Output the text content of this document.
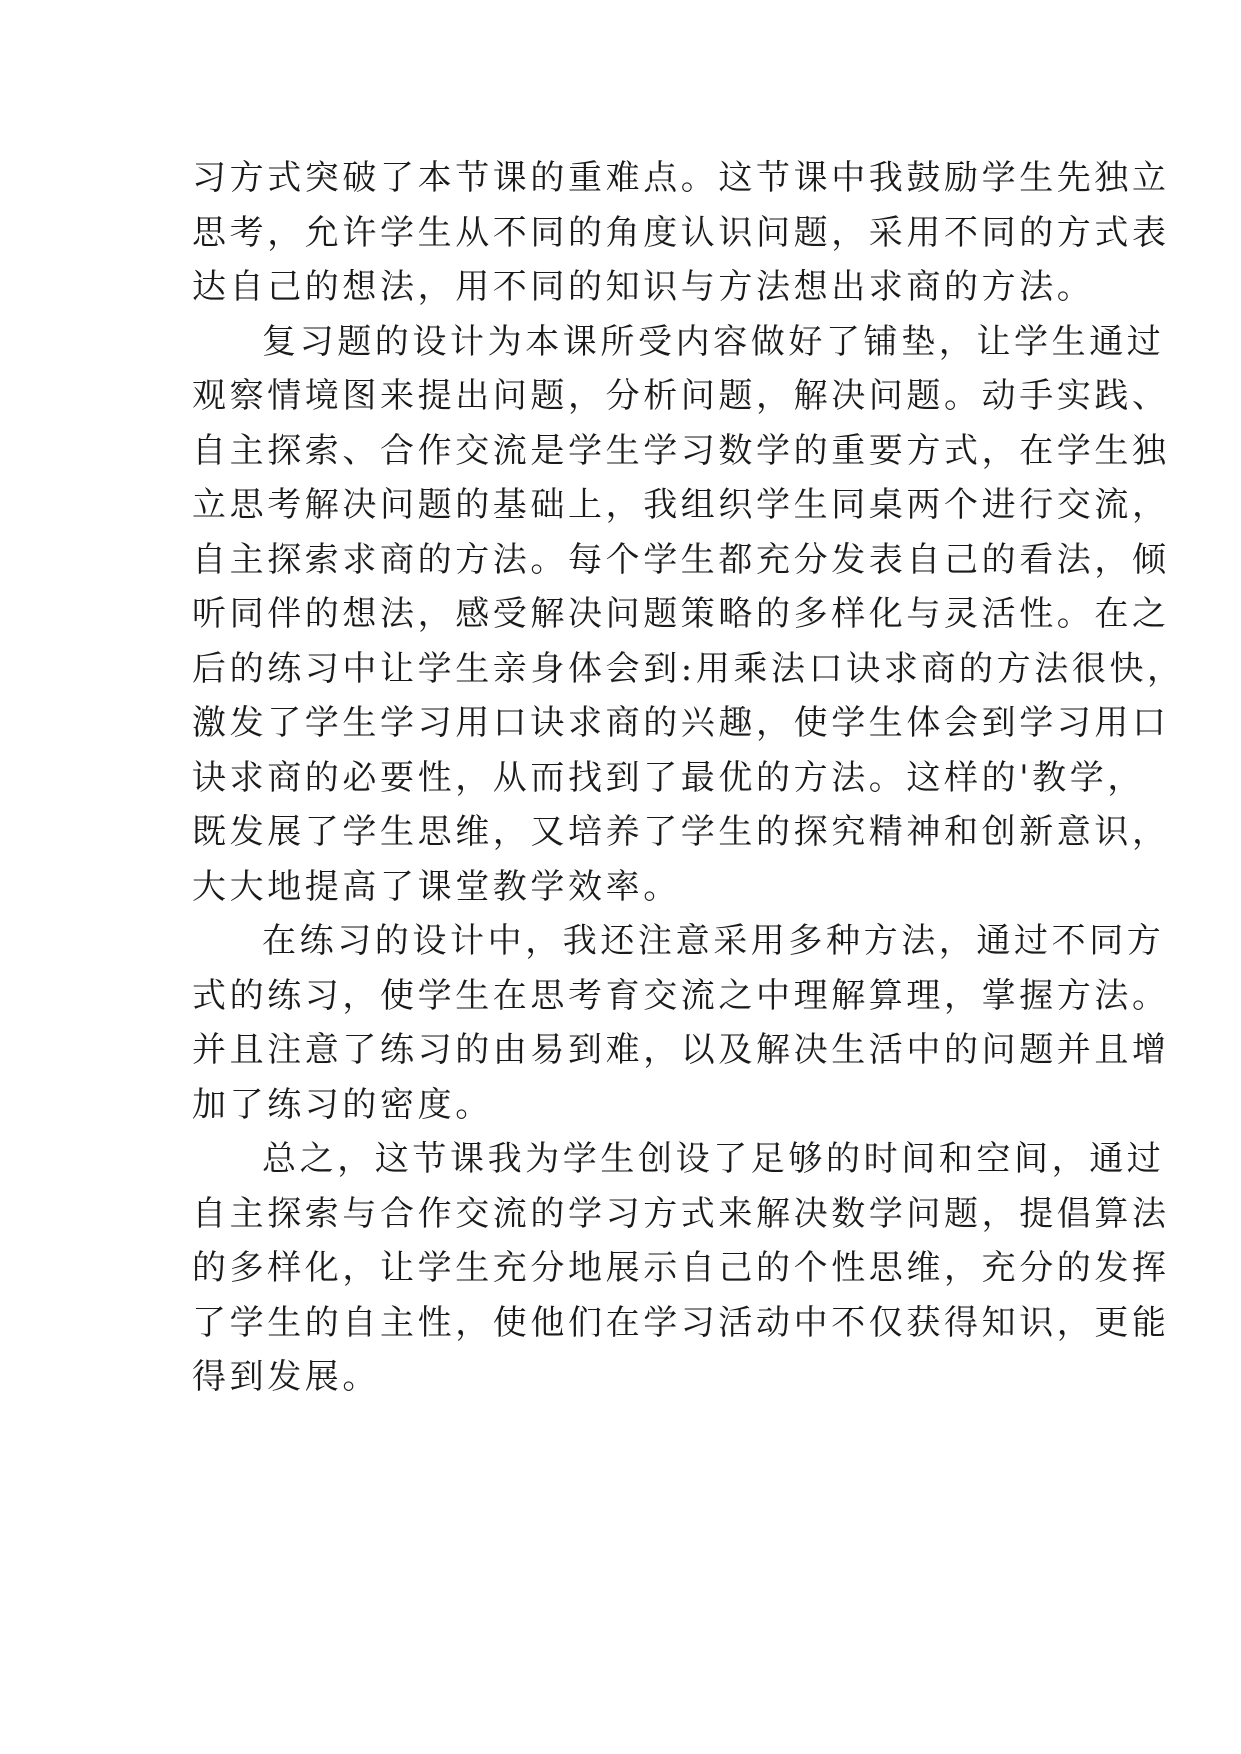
习方式突破了本节课的重难点。这节课中我鼓励学生先独立
思考，允许学生从不同的角度认识问题，采用不同的方式表
达自己的想法，用不同的知识与方法想出求商的方法。
复习题的设计为本课所受内容做好了铺垫，让学生通过
观察情境图来提出问题，分析问题，解决问题。动手实践、
自主探索、合作交流是学生学习数学的重要方式，在学生独
立思考解决问题的基础上，我组织学生同桌两个进行交流，
自主探索求商的方法。每个学生都充分发表自己的看法，倾
听同伴的想法，感受解决问题策略的多样化与灵活性。在之
后的练习中让学生亲身体会到:用乘法口诀求商的方法很快，
激发了学生学习用口诀求商的兴趣，使学生体会到学习用口
诀求商的必要性，从而找到了最优的方法。这样的'教学，
既发展了学生思维，又培养了学生的探究精神和创新意识，
大大地提高了课堂教学效率。
在练习的设计中，我还注意采用多种方法，通过不同方
式的练习，使学生在思考育交流之中理解算理，掌握方法。
并且注意了练习的由易到难，以及解决生活中的问题并且增
加了练习的密度。
总之，这节课我为学生创设了足够的时间和空间，通过
自主探索与合作交流的学习方式来解决数学问题，提倡算法
的多样化，让学生充分地展示自己的个性思维，充分的发挥
了学生的自主性，使他们在学习活动中不仅获得知识，更能
得到发展。
